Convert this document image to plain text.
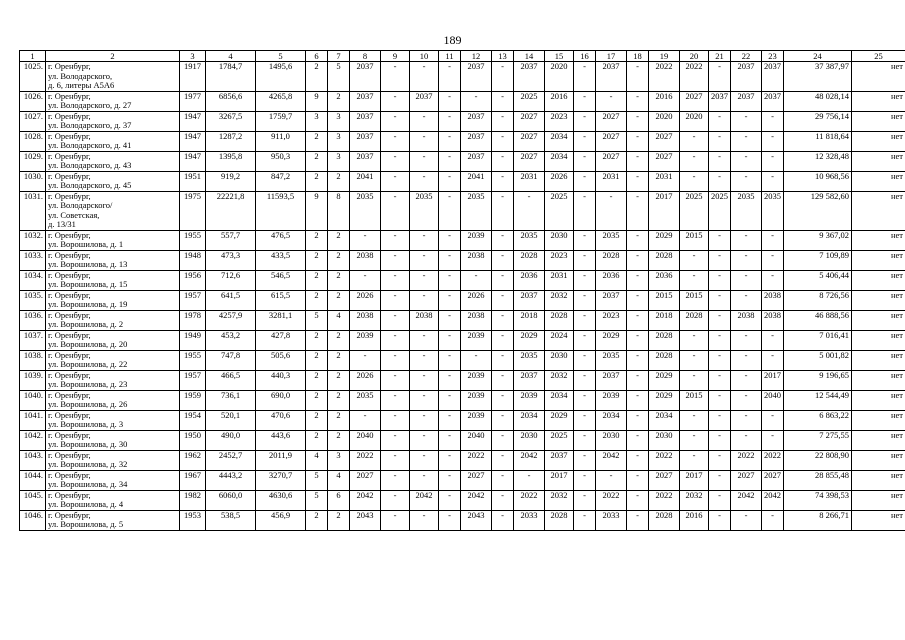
189
1	2	3	4	5	6	7	8	9	10	11	12	13	14	15	16	17	18	19	20	21	22	23	24	25
1025.	г. Оренбург,
ул. Володарского,
д. 6, литеры А5А6	1917	1784,7	1495,6	2	5	2037	-	-	-	2037	-	2037	2020	-	2037	-	2022	2022	-	2037	2037	37 387,97	нет
1026.	г. Оренбург,
ул. Володарского, д. 27	1977	6856,6	4265,8	9	2	2037	-	2037	-	-	-	2025	2016	-	-	-	2016	2027	2037	2037	2037	48 028,14	нет
1027.	г. Оренбург,
ул. Володарского, д. 37	1947	3267,5	1759,7	3	3	2037	-	-	-	2037	-	2027	2023	-	2027	-	2020	2020	-	-	-	29 756,14	нет
1028.	г. Оренбург,
ул. Володарского, д. 41	1947	1287,2	911,0	2	3	2037	-	-	-	2037	-	2027	2034	-	2027	-	2027	-	-	-	-	11 818,64	нет
1029.	г. Оренбург,
ул. Володарского, д. 43	1947	1395,8	950,3	2	3	2037	-	-	-	2037	-	2027	2034	-	2027	-	2027	-	-	-	-	12 328,48	нет
1030.	г. Оренбург,
ул. Володарского, д. 45	1951	919,2	847,2	2	2	2041	-	-	-	2041	-	2031	2026	-	2031	-	2031	-	-	-	-	10 968,56	нет
1031.	г. Оренбург,
ул. Володарского/
ул. Советская,
д. 13/31	1975	22221,8	11593,5	9	8	2035	-	2035	-	2035	-	-	2025	-	-	-	2017	2025	2025	2035	2035	129 582,60	нет
1032.	г. Оренбург,
ул. Ворошилова, д. 1	1955	557,7	476,5	2	2	-	-	-	-	2039	-	2035	2030	-	2035	-	2029	2015	-	-	-	9 367,02	нет
1033.	г. Оренбург,
ул. Ворошилова, д. 13	1948	473,3	433,5	2	2	2038	-	-	-	2038	-	2028	2023	-	2028	-	2028	-	-	-	-	7 109,89	нет
1034.	г. Оренбург,
ул. Ворошилова, д. 15	1956	712,6	546,5	2	2	-	-	-	-	-	-	2036	2031	-	2036	-	2036	-	-	-	-	5 406,44	нет
1035.	г. Оренбург,
ул. Ворошилова, д. 19	1957	641,5	615,5	2	2	2026	-	-	-	2026	-	2037	2032	-	2037	-	2015	2015	-	-	2038	8 726,56	нет
1036.	г. Оренбург,
ул. Ворошилова, д. 2	1978	4257,9	3281,1	5	4	2038	-	2038	-	2038	-	2018	2028	-	2023	-	2018	2028	-	2038	2038	46 888,56	нет
1037.	г. Оренбург,
ул. Ворошилова, д. 20	1949	453,2	427,8	2	2	2039	-	-	-	2039	-	2029	2024	-	2029	-	2028	-	-	-	-	7 016,41	нет
1038.	г. Оренбург,
ул. Ворошилова, д. 22	1955	747,8	505,6	2	2	-	-	-	-	-	-	2035	2030	-	2035	-	2028	-	-	-	-	5 001,82	нет
1039.	г. Оренбург,
ул. Ворошилова, д. 23	1957	466,5	440,3	2	2	2026	-	-	-	2039	-	2037	2032	-	2037	-	2029	-	-	-	2017	9 196,65	нет
1040.	г. Оренбург,
ул. Ворошилова, д. 26	1959	736,1	690,0	2	2	2035	-	-	-	2039	-	2039	2034	-	2039	-	2029	2015	-	-	2040	12 544,49	нет
1041.	г. Оренбург,
ул. Ворошилова, д. 3	1954	520,1	470,6	2	2	-	-	-	-	2039	-	2034	2029	-	2034	-	2034	-	-	-	-	6 863,22	нет
1042.	г. Оренбург,
ул. Ворошилова, д. 30	1950	490,0	443,6	2	2	2040	-	-	-	2040	-	2030	2025	-	2030	-	2030	-	-	-	-	7 275,55	нет
1043.	г. Оренбург,
ул. Ворошилова, д. 32	1962	2452,7	2011,9	4	3	2022	-	-	-	2022	-	2042	2037	-	2042	-	2022	-	-	2022	2022	22 808,90	нет
1044.	г. Оренбург,
ул. Ворошилова, д. 34	1967	4443,2	3270,7	5	4	2027	-	-	-	2027	-	-	2017	-	-	-	2027	2017	-	2027	2027	28 855,48	нет
1045.	г. Оренбург,
ул. Ворошилова, д. 4	1982	6060,0	4630,6	5	6	2042	-	2042	-	2042	-	2022	2032	-	2022	-	2022	2032	-	2042	2042	74 398,53	нет
1046.	г. Оренбург,
ул. Ворошилова, д. 5	1953	538,5	456,9	2	2	2043	-	-	-	2043	-	2033	2028	-	2033	-	2028	2016	-	-	-	8 266,71	нет
